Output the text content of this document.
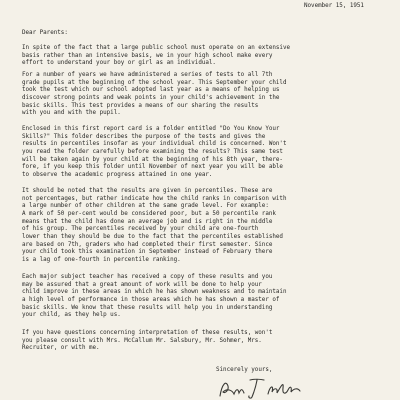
November 15, 1951
Dear Parents:
In spite of the fact that a large public school must operate on an extensive
basis rather than an intensive basis, we in your high school make every
effort to understand your boy or girl as an individual.
For a number of years we have administered a series of tests to all 7th
grade pupils at the beginning of the school year. This September your child
took the test which our school adopted last year as a means of helping us
discover strong points and weak points in your child's achievement in the
basic skills. This test provides a means of our sharing the results
with you and with the pupil.
Enclosed in this first report card is a folder entitled "Do You Know Your
Skills?" This folder describes the purpose of the tests and gives the
results in percentiles insofar as your individual child is concerned. Won't
you read the folder carefully before examining the results? This same test
will be taken again by your child at the beginning of his 8th year, there-
fore, if you keep this folder until November of next year you will be able
to observe the academic progress attained in one year.
It should be noted that the results are given in percentiles. These are
not percentages, but rather indicate how the child ranks in comparison with
a large number of other children at the same grade level. For example:
A mark of 50 per-cent would be considered poor, but a 50 percentile rank
means that the child has done an average job and is right in the middle
of his group. The percentiles received by your child are one-fourth
lower than they should be due to the fact that the percentiles established
are based on 7th, graders who had completed their first semester. Since
your child took this examination in September instead of February there
is a lag of one-fourth in percentile ranking.
Each major subject teacher has received a copy of these results and you
may be assured that a great amount of work will be done to help your
child improve in these areas in which he has shown weakness and to maintain
a high level of performance in those areas which he has shown a master of
basic skills. We know that these results will help you in understanding
your child, as they help us.
If you have questions concerning interpretation of these results, won't
you please consult with Mrs. McCallum Mr. Salsbury, Mr. Sohmer, Mrs.
Recruiter, or with me.
Sincerely yours,
